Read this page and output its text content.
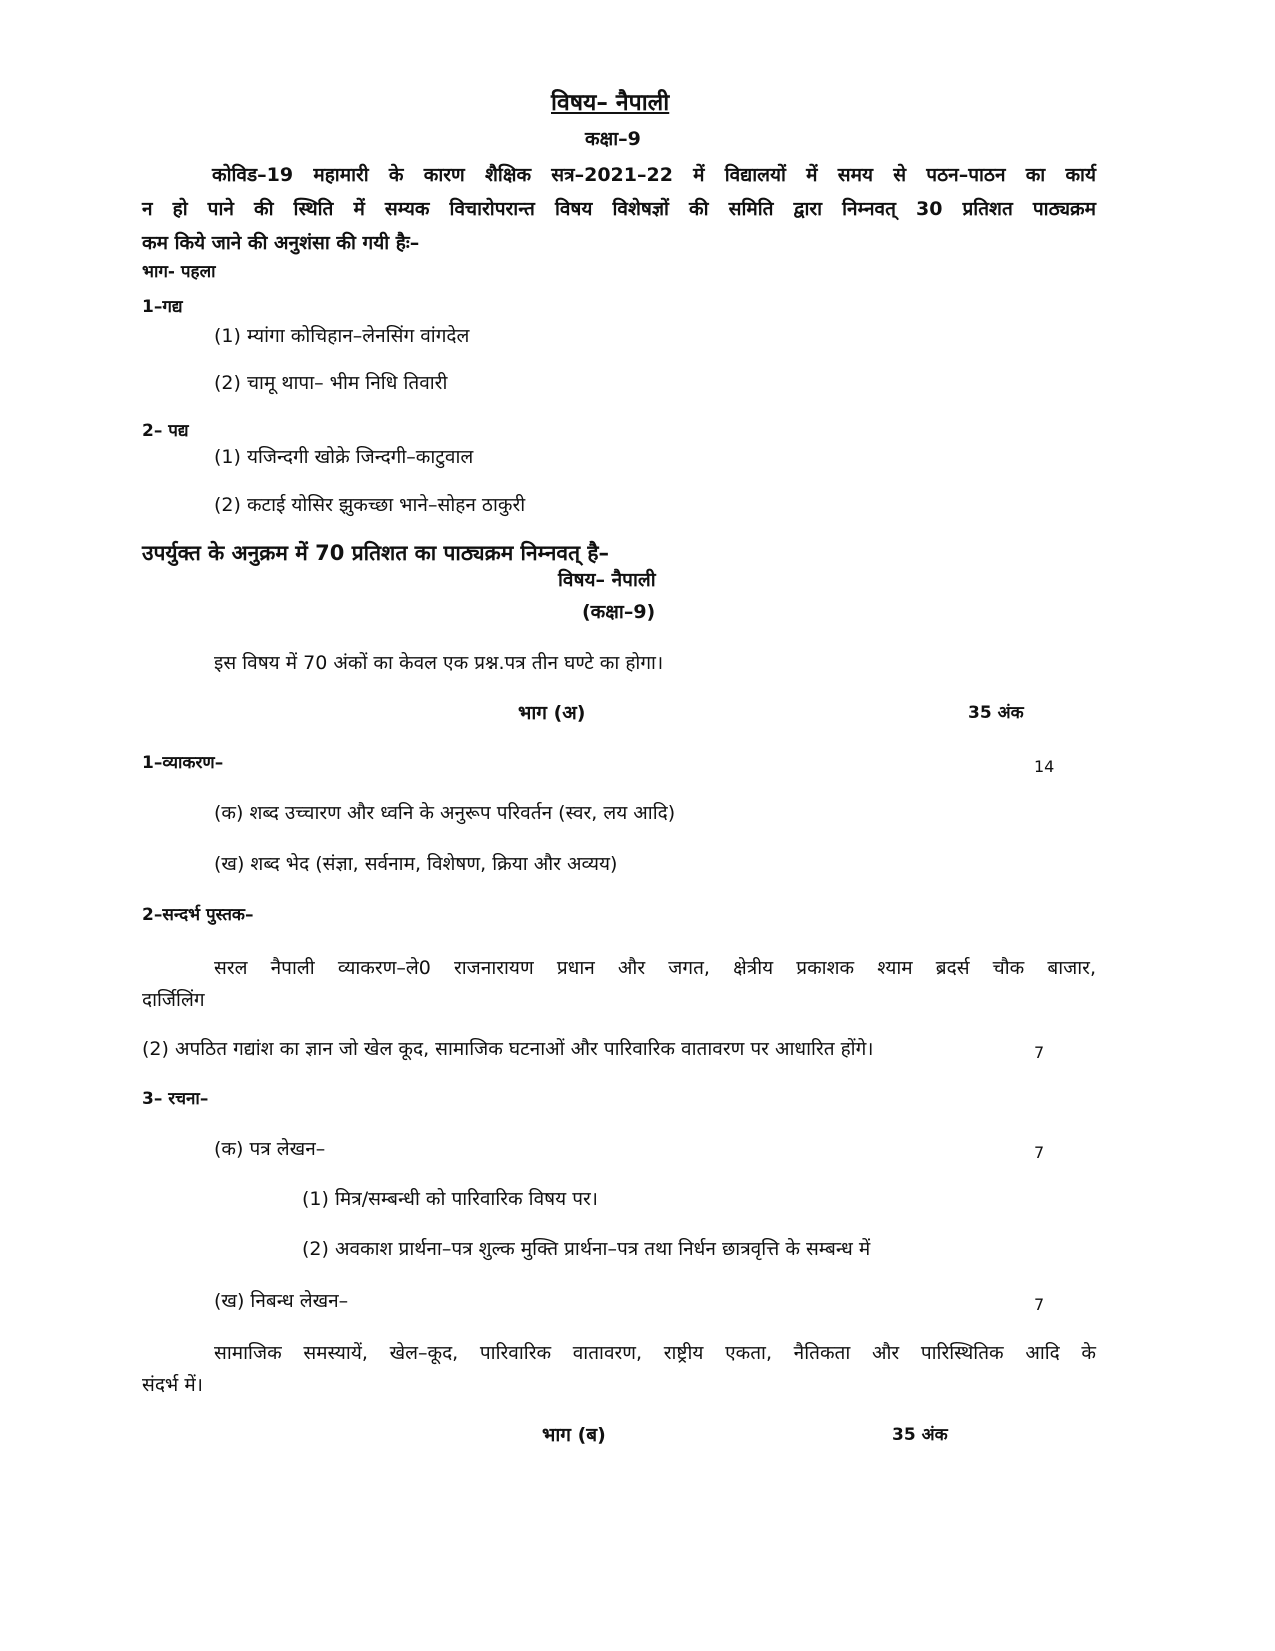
विषय– नैपाली
कक्षा–9
कोविड–19 महामारी के कारण शैक्षिक सत्र–2021–22 में विद्यालयों में समय से पठन–पाठन का कार्य
न हो पाने की स्थिति में सम्यक विचारोपरान्त विषय विशेषज्ञों की समिति द्वारा निम्नवत् 30 प्रतिशत पाठ्यक्रम
कम किये जाने की अनुशंसा की गयी हैः–
भाग- पहला
1–गद्य
(1) म्यांगा कोचिहान–लेनसिंग वांगदेल
(2) चामू थापा– भीम निधि तिवारी
2– पद्य
(1) यजिन्दगी खोक्रे जिन्दगी–काटुवाल
(2) कटाई योसिर झुकच्छा भाने–सोहन ठाकुरी
उपर्युक्त के अनुक्रम में 70 प्रतिशत का पाठ्यक्रम निम्नवत् है–
विषय– नैपाली
(कक्षा–9)
इस विषय में 70 अंकों का केवल एक प्रश्न.पत्र तीन घण्टे का होगा।
भाग (अ)	35 अंक
1–व्याकरण–	14
(क) शब्द उच्चारण और ध्वनि के अनुरूप परिवर्तन (स्वर, लय आदि)
(ख) शब्द भेद (संज्ञा, सर्वनाम, विशेषण, क्रिया और अव्यय)
2–सन्दर्भ पुस्तक–
सरल नैपाली व्याकरण–ले0 राजनारायण प्रधान और जगत, क्षेत्रीय प्रकाशक श्याम ब्रदर्स चौक बाजार,
दार्जिलिंग
(2) अपठित गद्यांश का ज्ञान जो खेल कूद, सामाजिक घटनाओं और पारिवारिक वातावरण पर आधारित होंगे।	7
3– रचना–
(क) पत्र लेखन–	7
(1) मित्र/सम्बन्धी को पारिवारिक विषय पर।
(2) अवकाश प्रार्थना–पत्र शुल्क मुक्ति प्रार्थना–पत्र तथा निर्धन छात्रवृत्ति के सम्बन्ध में
(ख) निबन्ध लेखन–	7
सामाजिक समस्यायें, खेल–कूद, पारिवारिक वातावरण, राष्ट्रीय एकता, नैतिकता और पारिस्थितिक आदि के
संदर्भ में।
भाग (ब)	35 अंक
